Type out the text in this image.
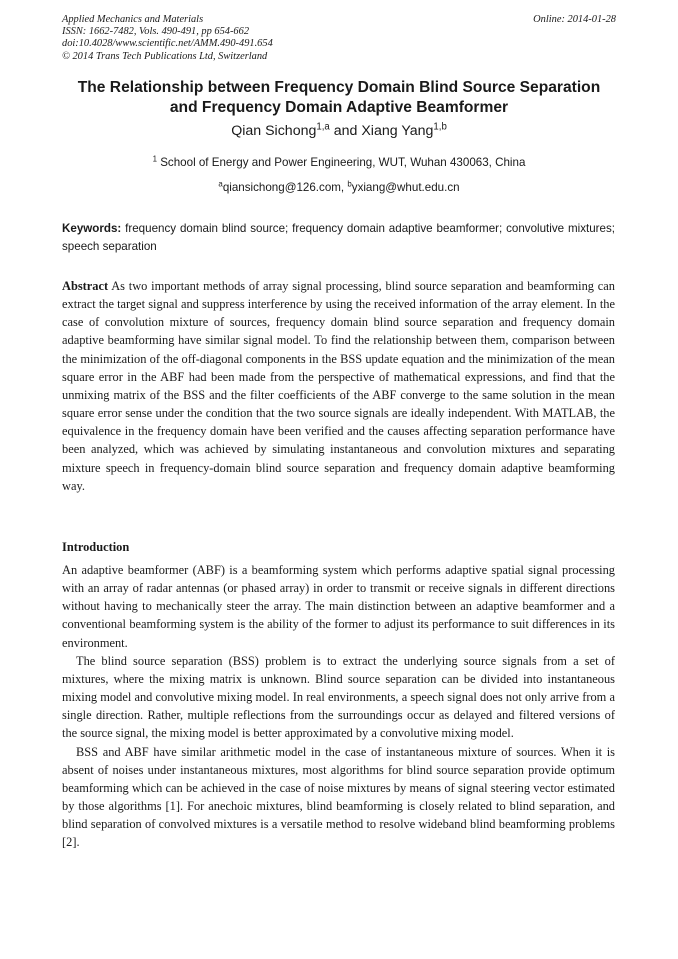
Applied Mechanics and Materials
ISSN: 1662-7482, Vols. 490-491, pp 654-662
doi:10.4028/www.scientific.net/AMM.490-491.654
© 2014 Trans Tech Publications Ltd, Switzerland
Online: 2014-01-28
The Relationship between Frequency Domain Blind Source Separation
and Frequency Domain Adaptive Beamformer
Qian Sichong$^{1,a}$ and Xiang Yang$^{1,b}$
$^1$ School of Energy and Power Engineering, WUT, Wuhan 430063, China
$^a$qiansichong@126.com, $^b$yxiang@whut.edu.cn
Keywords: frequency domain blind source; frequency domain adaptive beamformer; convolutive mixtures; speech separation
Abstract As two important methods of array signal processing, blind source separation and beamforming can extract the target signal and suppress interference by using the received information of the array element. In the case of convolution mixture of sources, frequency domain blind source separation and frequency domain adaptive beamforming have similar signal model. To find the relationship between them, comparison between the minimization of the off-diagonal components in the BSS update equation and the minimization of the mean square error in the ABF had been made from the perspective of mathematical expressions, and find that the unmixing matrix of the BSS and the filter coefficients of the ABF converge to the same solution in the mean square error sense under the condition that the two source signals are ideally independent. With MATLAB, the equivalence in the frequency domain have been verified and the causes affecting separation performance have been analyzed, which was achieved by simulating instantaneous and convolution mixtures and separating mixture speech in frequency-domain blind source separation and frequency domain adaptive beamforming way.
Introduction

An adaptive beamformer (ABF) is a beamforming system which performs adaptive spatial signal processing with an array of radar antennas (or phased array) in order to transmit or receive signals in different directions without having to mechanically steer the array. The main distinction between an adaptive beamformer and a conventional beamforming system is the ability of the former to adjust its performance to suit differences in its environment.

The blind source separation (BSS) problem is to extract the underlying source signals from a set of mixtures, where the mixing matrix is unknown. Blind source separation can be divided into instantaneous mixing model and convolutive mixing model. In real environments, a speech signal does not only arrive from a single direction. Rather, multiple reflections from the surroundings occur as delayed and filtered versions of the source signal, the mixing model is better approximated by a convolutive mixing model.

BSS and ABF have similar arithmetic model in the case of instantaneous mixture of sources. When it is absent of noises under instantaneous mixtures, most algorithms for blind source separation provide optimum beamforming which can be achieved in the case of noise mixtures by means of signal steering vector estimated by those algorithms [1]. For anechoic mixtures, blind beamforming is closely related to blind separation, and blind separation of convolved mixtures is a versatile method to resolve wideband blind beamforming problems [2].
